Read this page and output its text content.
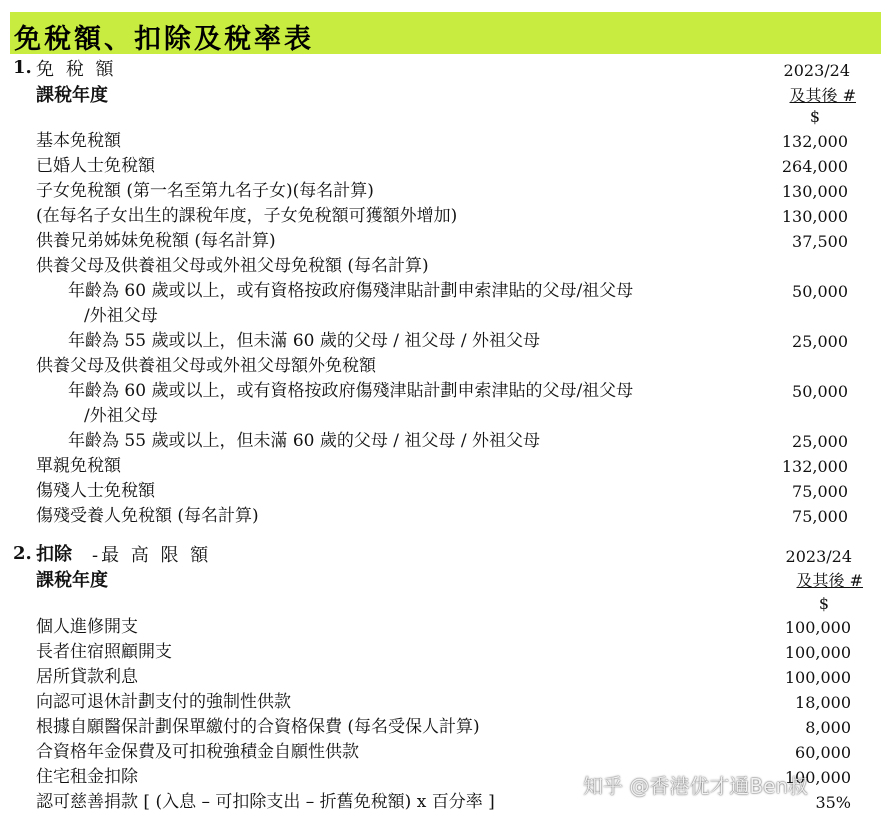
免稅額、扣除及稅率表
1. 免 稅 額
課稅年度
2023/24
及其後 #
$
基本免稅額	132,000
已婚人士免稅額	264,000
子女免稅額 (第一名至第九名子女)(每名計算)	130,000
(在每名子女出生的課稅年度，子女免稅額可獲額外增加)	130,000
供養兄弟姊妹免稅額 (每名計算)	37,500
供養父母及供養祖父母或外祖父母免稅額 (每名計算)
年齡為 60 歲或以上，或有資格按政府傷殘津貼計劃申索津貼的父母/祖父母	50,000
/外祖父母
年齡為 55 歲或以上，但未滿 60 歲的父母 / 祖父母 / 外祖父母	25,000
供養父母及供養祖父母或外祖父母額外免稅額
年齡為 60 歲或以上，或有資格按政府傷殘津貼計劃申索津貼的父母/祖父母	50,000
/外祖父母
年齡為 55 歲或以上，但未滿 60 歲的父母 / 祖父母 / 外祖父母	25,000
單親免稅額	132,000
傷殘人士免稅額	75,000
傷殘受養人免稅額 (每名計算)	75,000
2. 扣除 -最 高 限 額
課稅年度
2023/24
及其後 #
$
個人進修開支	100,000
長者住宿照顧開支	100,000
居所貸款利息	100,000
向認可退休計劃支付的強制性供款	18,000
根據自願醫保計劃保單繳付的合資格保費 (每名受保人計算)	8,000
合資格年金保費及可扣稅強積金自願性供款	60,000
住宅租金扣除	100,000
認可慈善捐款 [ (入息 – 可扣除支出 – 折舊免稅額) x 百分率 ]	35%
知乎 @香港优才通Ben叔
